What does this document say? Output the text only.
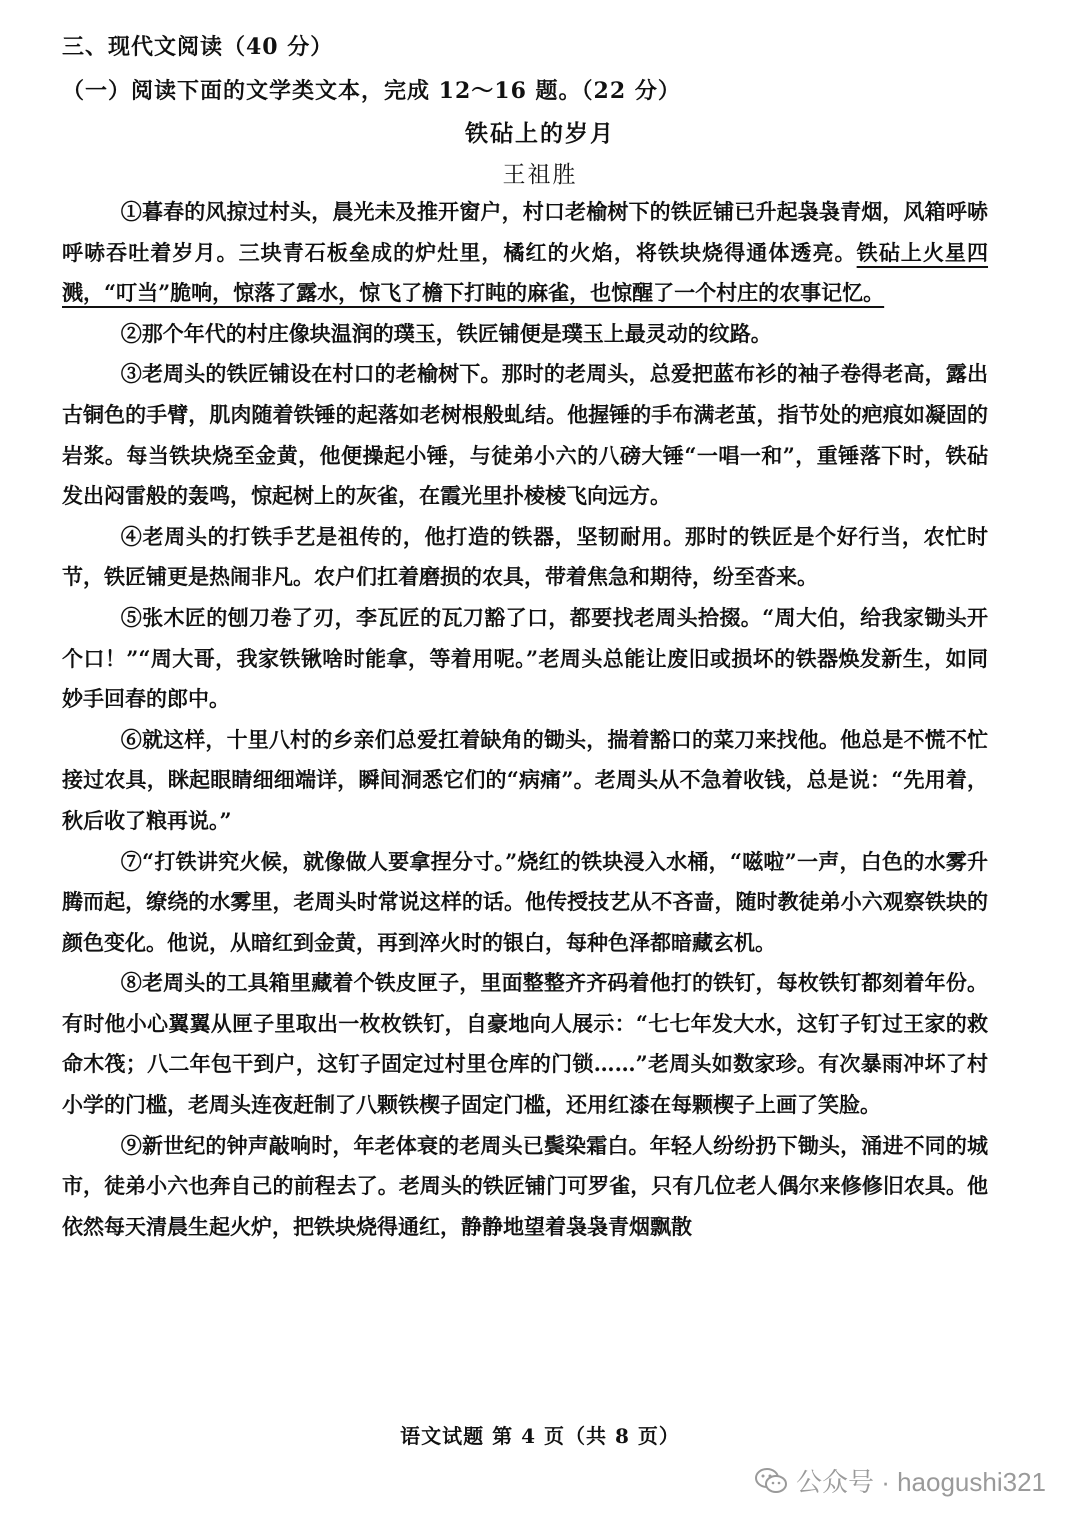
三、现代文阅读（40 分）
（一）阅读下面的文学类文本，完成 12～16 题。（22 分）
铁砧上的岁月
王祖胜

①暮春的风掠过村头，晨光未及推开窗户，村口老榆树下的铁匠铺已升起袅袅青烟，风箱呼哧呼哧吞吐着岁月。三块青石板垒成的炉灶里，橘红的火焰，将铁块烧得通体透亮。铁砧上火星四溅，“叮当”脆响，惊落了露水，惊飞了檐下打盹的麻雀，也惊醒了一个村庄的农事记忆。

②那个年代的村庄像块温润的璞玉，铁匠铺便是璞玉上最灵动的纹路。

③老周头的铁匠铺设在村口的老榆树下。那时的老周头，总爱把蓝布衫的袖子卷得老高，露出古铜色的手臂，肌肉随着铁锤的起落如老树根般虬结。他握锤的手布满老茧，指节处的疤痕如凝固的岩浆。每当铁块烧至金黄，他便操起小锤，与徒弟小六的八磅大锤“一唱一和”，重锤落下时，铁砧发出闷雷般的轰鸣，惊起树上的灰雀，在霞光里扑棱棱飞向远方。

④老周头的打铁手艺是祖传的，他打造的铁器，坚韧耐用。那时的铁匠是个好行当，农忙时节，铁匠铺更是热闹非凡。农户们扛着磨损的农具，带着焦急和期待，纷至沓来。

⑤张木匠的刨刀卷了刃，李瓦匠的瓦刀豁了口，都要找老周头拾掇。“周大伯，给我家锄头开个口！”“周大哥，我家铁锹啥时能拿，等着用呢。”老周头总能让废旧或损坏的铁器焕发新生，如同妙手回春的郎中。

⑥就这样，十里八村的乡亲们总爱扛着缺角的锄头，揣着豁口的菜刀来找他。他总是不慌不忙接过农具，眯起眼睛细细端详，瞬间洞悉它们的“病痛”。老周头从不急着收钱，总是说：“先用着，秋后收了粮再说。”

⑦“打铁讲究火候，就像做人要拿捏分寸。”烧红的铁块浸入水桶，“嗞啦”一声，白色的水雾升腾而起，缭绕的水雾里，老周头时常说这样的话。他传授技艺从不吝啬，随时教徒弟小六观察铁块的颜色变化。他说，从暗红到金黄，再到淬火时的银白，每种色泽都暗藏玄机。

⑧老周头的工具箱里藏着个铁皮匣子，里面整整齐齐码着他打的铁钉，每枚铁钉都刻着年份。有时他小心翼翼从匣子里取出一枚枚铁钉，自豪地向人展示：“七七年发大水，这钉子钉过王家的救命木筏；八二年包干到户，这钉子固定过村里仓库的门锁……”老周头如数家珍。有次暴雨冲坏了村小学的门槛，老周头连夜赶制了八颗铁楔子固定门槛，还用红漆在每颗楔子上画了笑脸。

⑨新世纪的钟声敲响时，年老体衰的老周头已鬓染霜白。年轻人纷纷扔下锄头，涌进不同的城市，徒弟小六也奔自己的前程去了。老周头的铁匠铺门可罗雀，只有几位老人偶尔来修修旧农具。他依然每天清晨生起火炉，把铁块烧得通红，静静地望着袅袅青烟飘散

语文试题 第 4 页（共 8 页）
公众号 · haogushi321
